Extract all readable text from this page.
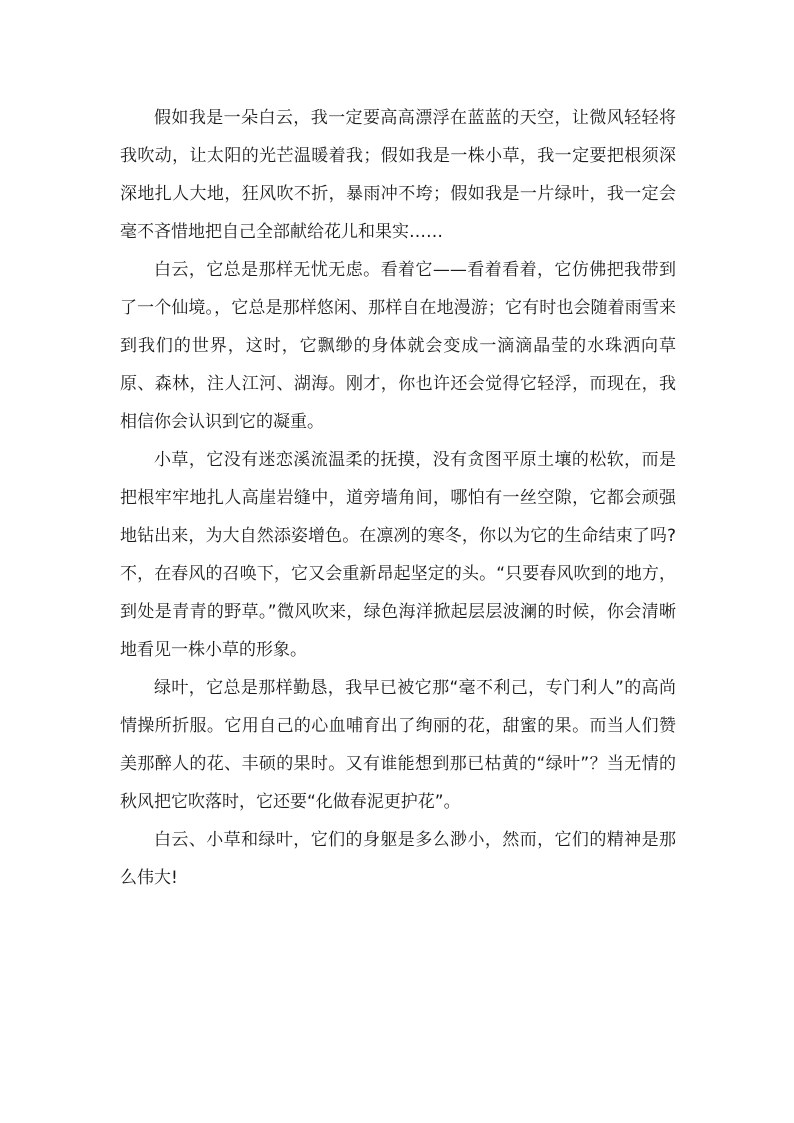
假如我是一朵白云，我一定要高高漂浮在蓝蓝的天空，让微风轻轻将我吹动，让太阳的光芒温暖着我；假如我是一株小草，我一定要把根须深深地扎人大地，狂风吹不折，暴雨冲不垮；假如我是一片绿叶，我一定会毫不吝惜地把自己全部献给花儿和果实……

白云，它总是那样无忧无虑。看着它——看着看着，它仿佛把我带到了一个仙境。，它总是那样悠闲、那样自在地漫游；它有时也会随着雨雪来到我们的世界，这时，它飘缈的身体就会变成一滴滴晶莹的水珠洒向草原、森林，注人江河、湖海。刚才，你也许还会觉得它轻浮，而现在，我相信你会认识到它的凝重。

小草，它没有迷恋溪流温柔的抚摸，没有贪图平原土壤的松软，而是把根牢牢地扎人高崖岩缝中，道旁墙角间，哪怕有一丝空隙，它都会顽强地钻出来，为大自然添姿增色。在凛冽的寒冬，你以为它的生命结束了吗?不，在春风的召唤下，它又会重新昂起坚定的头。“只要春风吹到的地方，到处是青青的野草。”微风吹来，绿色海洋掀起层层波澜的时候，你会清晰地看见一株小草的形象。

绿叶，它总是那样勤恳，我早已被它那“毫不利己，专门利人”的高尚情操所折服。它用自己的心血哺育出了绚丽的花，甜蜜的果。而当人们赞美那醉人的花、丰硕的果时。又有谁能想到那已枯黄的“绿叶”？当无情的秋风把它吹落时，它还要“化做春泥更护花”。

白云、小草和绿叶，它们的身躯是多么渺小，然而，它们的精神是那么伟大!
